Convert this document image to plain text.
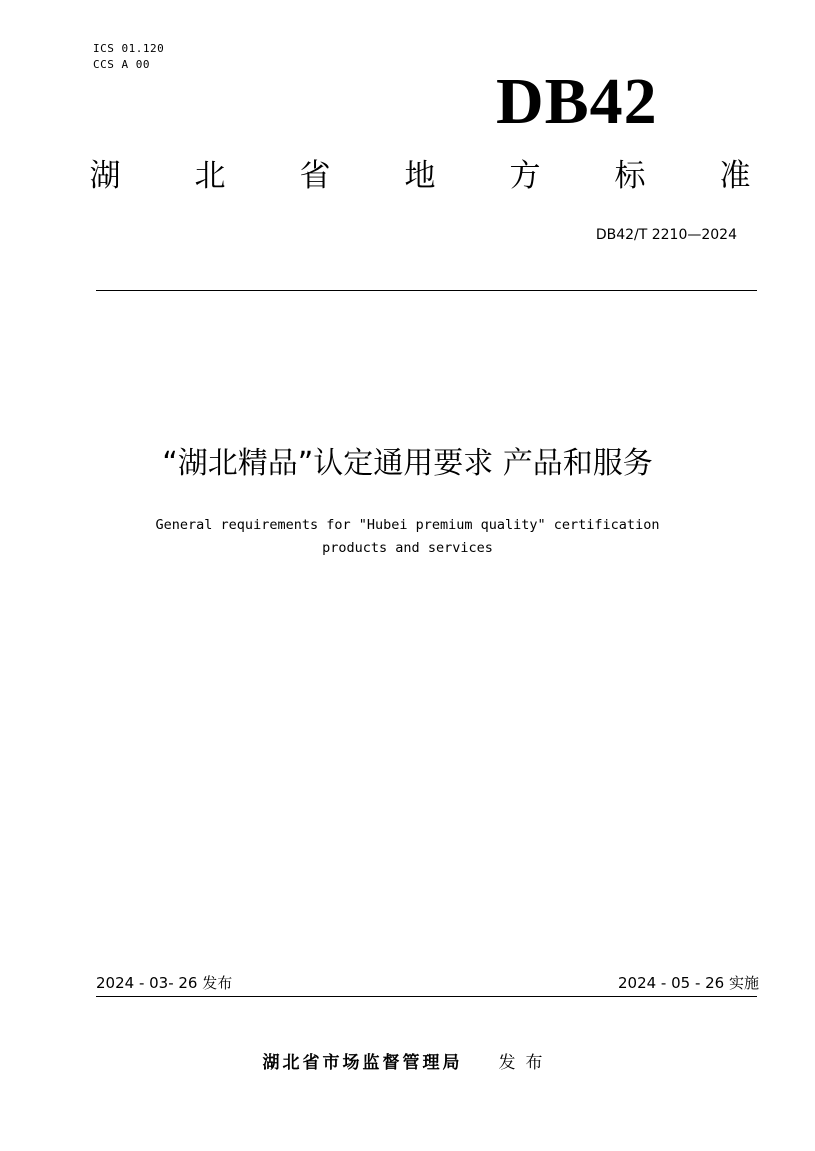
ICS 01.120
CCS A 00
DB42
湖 北 省 地 方 标 准
DB42/T 2210—2024
“湖北精品”认定通用要求 产品和服务
General requirements for "Hubei premium quality" certification
products and services
2024 - 03- 26 发布	2024 - 05 - 26 实施
湖北省市场监督管理局 发布
